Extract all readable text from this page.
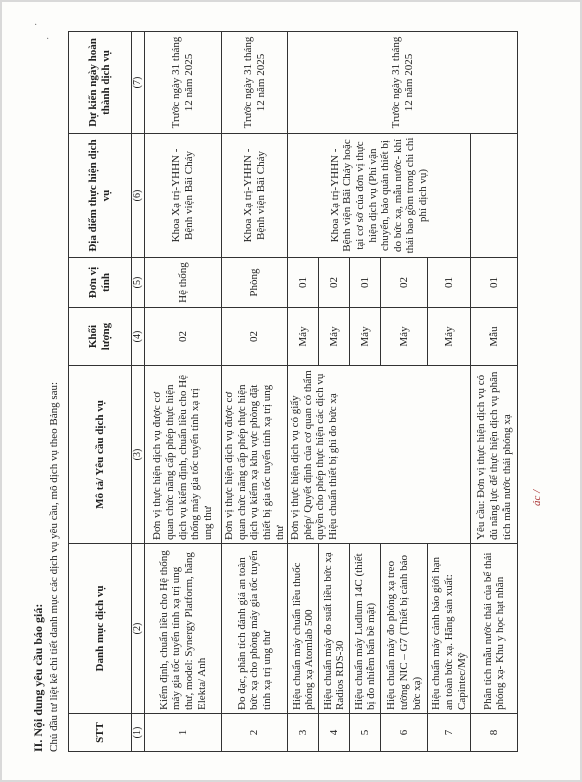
·
·
II. Nội dung yêu cầu báo giá: Chủ đầu tư liệt kê chi tiết danh mục các dịch vụ yêu cầu, mô dịch vụ theo Bảng sau:	ác /
STT	Danh mục dịch vụ	Mô tả/ Yêu cầu dịch vụ	Khối lượng	Đơn vị tính	Địa điểm thực hiện dịch vụ	Dự kiến ngày hoàn thành dịch vụ
(1)	(2)	(3)	(4)	(5)	(6)	(7)
1	Kiểm định, chuẩn liều cho Hệ thống máy gia tốc tuyến tính xạ trị ung thư, model: Synergy Platform, hãng Elekta/ Anh	Đơn vị thực hiện dịch vụ được cơ quan chức năng cấp phép thực hiện dịch vụ kiểm định, chuẩn liều cho Hệ thống máy gia tốc tuyến tính xạ trị ung thư	02	Hệ thống	Khoa Xạ trị-YHHN - Bệnh viện Bãi Cháy	Trước ngày 31 tháng 12 năm 2025
2	Đo đạc, phân tích đánh giá an toàn bức xạ cho phòng máy gia tốc tuyến tính xạ trị ung thư	Đơn vị thực hiện dịch vụ được cơ quan chức năng cấp phép thực hiện dịch vụ kiểm xạ khu vực phòng đặt thiết bị gia tốc tuyến tính xạ trị ung thư	02	Phòng	Khoa Xạ trị-YHHN - Bệnh viện Bãi Cháy	Trước ngày 31 tháng 12 năm 2025
3	Hiệu chuẩn máy chuẩn liều thuốc phóng xạ Atomlab 500	Đơn vị thực hiện dịch vụ có giấy phép/ Quyết định của cơ quan có thẩm quyền cho phép thực hiện các dịch vụ Hiệu chuẩn thiết bị ghi đo bức xạ	Máy	01	Khoa Xạ trị-YHHN - Bệnh viện Bãi Cháy hoặc tại cơ sở của đơn vị thực hiện dịch vụ (Phí vận chuyển, bảo quản thiết bị do bức xạ, mẫu nước- khí thải bao gồm trong chi chi phí dịch vụ)	Trước ngày 31 tháng 12 năm 2025
4	Hiệu chuẩn máy đo suất liều bức xạ Radios RDS-30		Máy	02		
5	Hiệu chuẩn máy Ludlum 14C (thiết bị đo nhiễm bẩn bề mặt)		Máy	01		
6	Hiệu chuẩn máy đo phóng xạ treo tường NIC – G7 (Thiết bị cảnh báo bức xạ)		Máy	02		
7	Hiệu chuẩn máy cảnh báo giới hạn an toàn bức xạ. Hãng sản xuất: Capintec/Mỹ		Máy	01		
8	Phân tích mẫu nước thải của bể thải phóng xạ- Khu y học hạt nhân	Yêu cầu: Đơn vị thực hiện dịch vụ có đủ năng lực để thực hiện dịch vụ phân tích mẫu nước thải phóng xạ	Mẫu	01		
